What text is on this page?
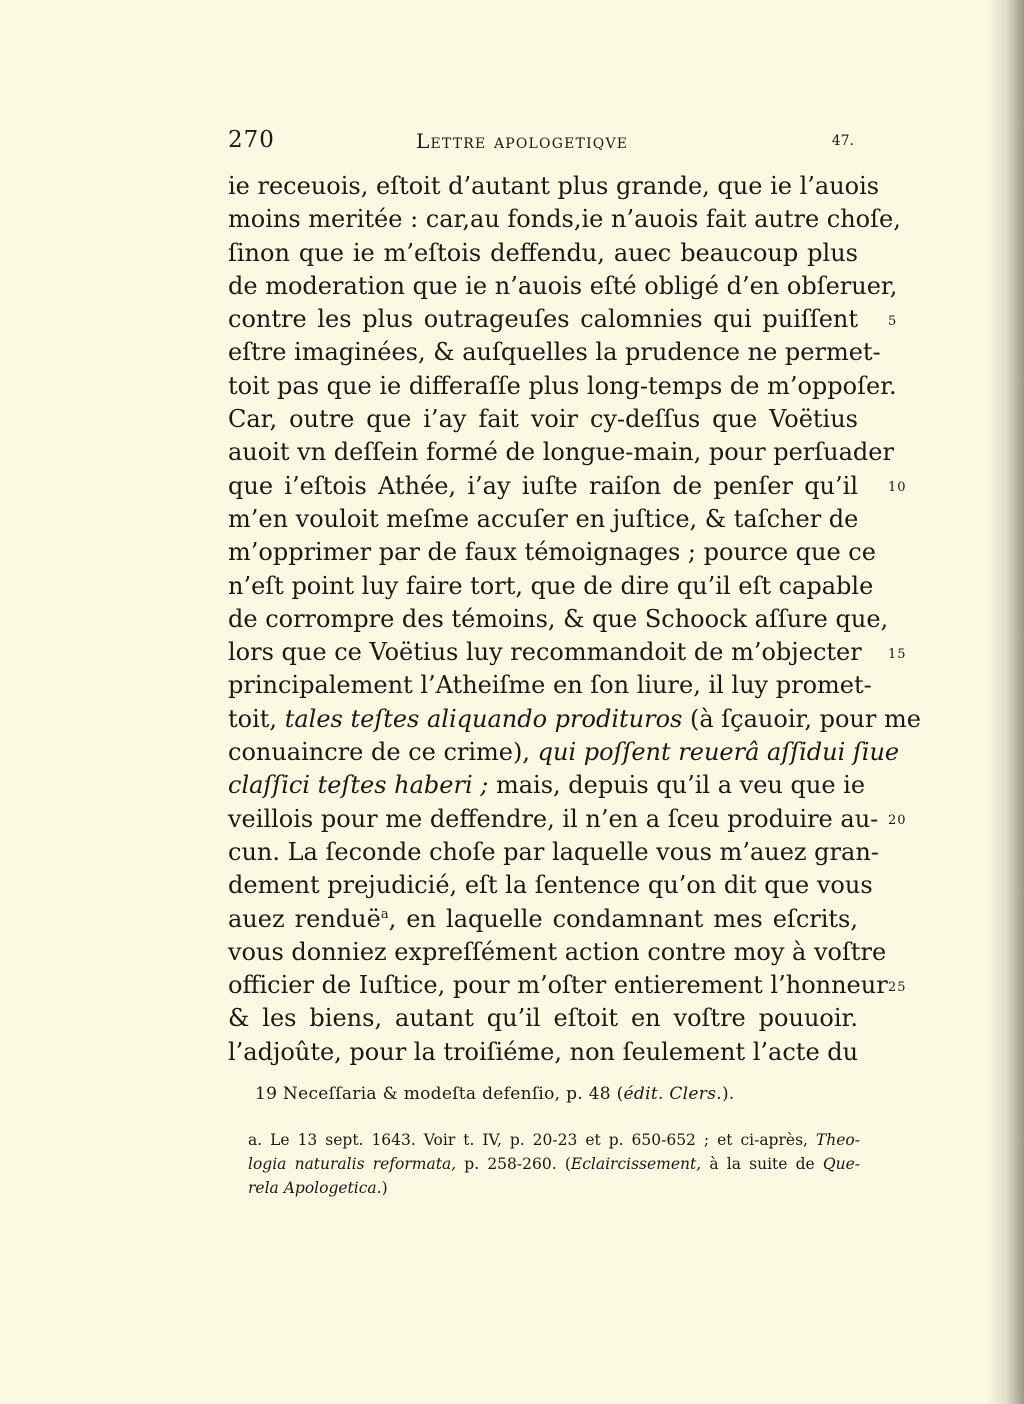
270	Lettre apologetiqve	47.
ie receuois, eſtoit d’autant plus grande, que ie l’auois
moins meritée : car,au fonds,ie n’auois fait autre choſe,
ſinon que ie m’eſtois deffendu, auec beaucoup plus
de moderation que ie n’auois eſté obligé d’en obſeruer,
contre les plus outrageuſes calomnies qui puiſſent
eſtre imaginées, & auſquelles la prudence ne permet-
toit pas que ie differaſſe plus long-temps de m’oppoſer.
Car, outre que i’ay fait voir cy-deſſus que Voëtius
auoit vn deſſein formé de longue-main, pour perſuader
que i’eſtois Athée, i’ay iuſte raiſon de penſer qu’il
m’en vouloit meſme accuſer en juſtice, & taſcher de
m’opprimer par de faux témoignages ; pource que ce
n’eſt point luy faire tort, que de dire qu’il eſt capable
de corrompre des témoins, & que Schoock aſſure que,
lors que ce Voëtius luy recommandoit de m’objecter
principalement l’Atheiſme en ſon liure, il luy promet-
toit, tales teſtes aliquando prodituros (à ſçauoir, pour me
conuaincre de ce crime), qui poſſent reuerâ aſſidui ſiue
claſſici teſtes haberi ; mais, depuis qu’il a veu que ie
veillois pour me deffendre, il n’en a ſceu produire au-
cun. La ſeconde choſe par laquelle vous m’auez gran-
dement prejudicié, eſt la ſentence qu’on dit que vous
auez renduë$^a$, en laquelle condamnant mes eſcrits,
vous donniez expreſſément action contre moy à voſtre
officier de Iuſtice, pour m’oſter entierement l’honneur
& les biens, autant qu’il eſtoit en voſtre pouuoir.
l’adjoûte, pour la troiſiéme, non ſeulement l’acte du
5
10
15
20
25
19 Neceſſaria & modeſta defenſio, p. 48 (édit. Clers.).
a. Le 13 sept. 1643. Voir t. IV, p. 20-23 et p. 650-652 ; et ci-après, Theo-
logia naturalis reformata, p. 258-260. (Eclaircissement, à la suite de Que-
rela Apologetica.)
